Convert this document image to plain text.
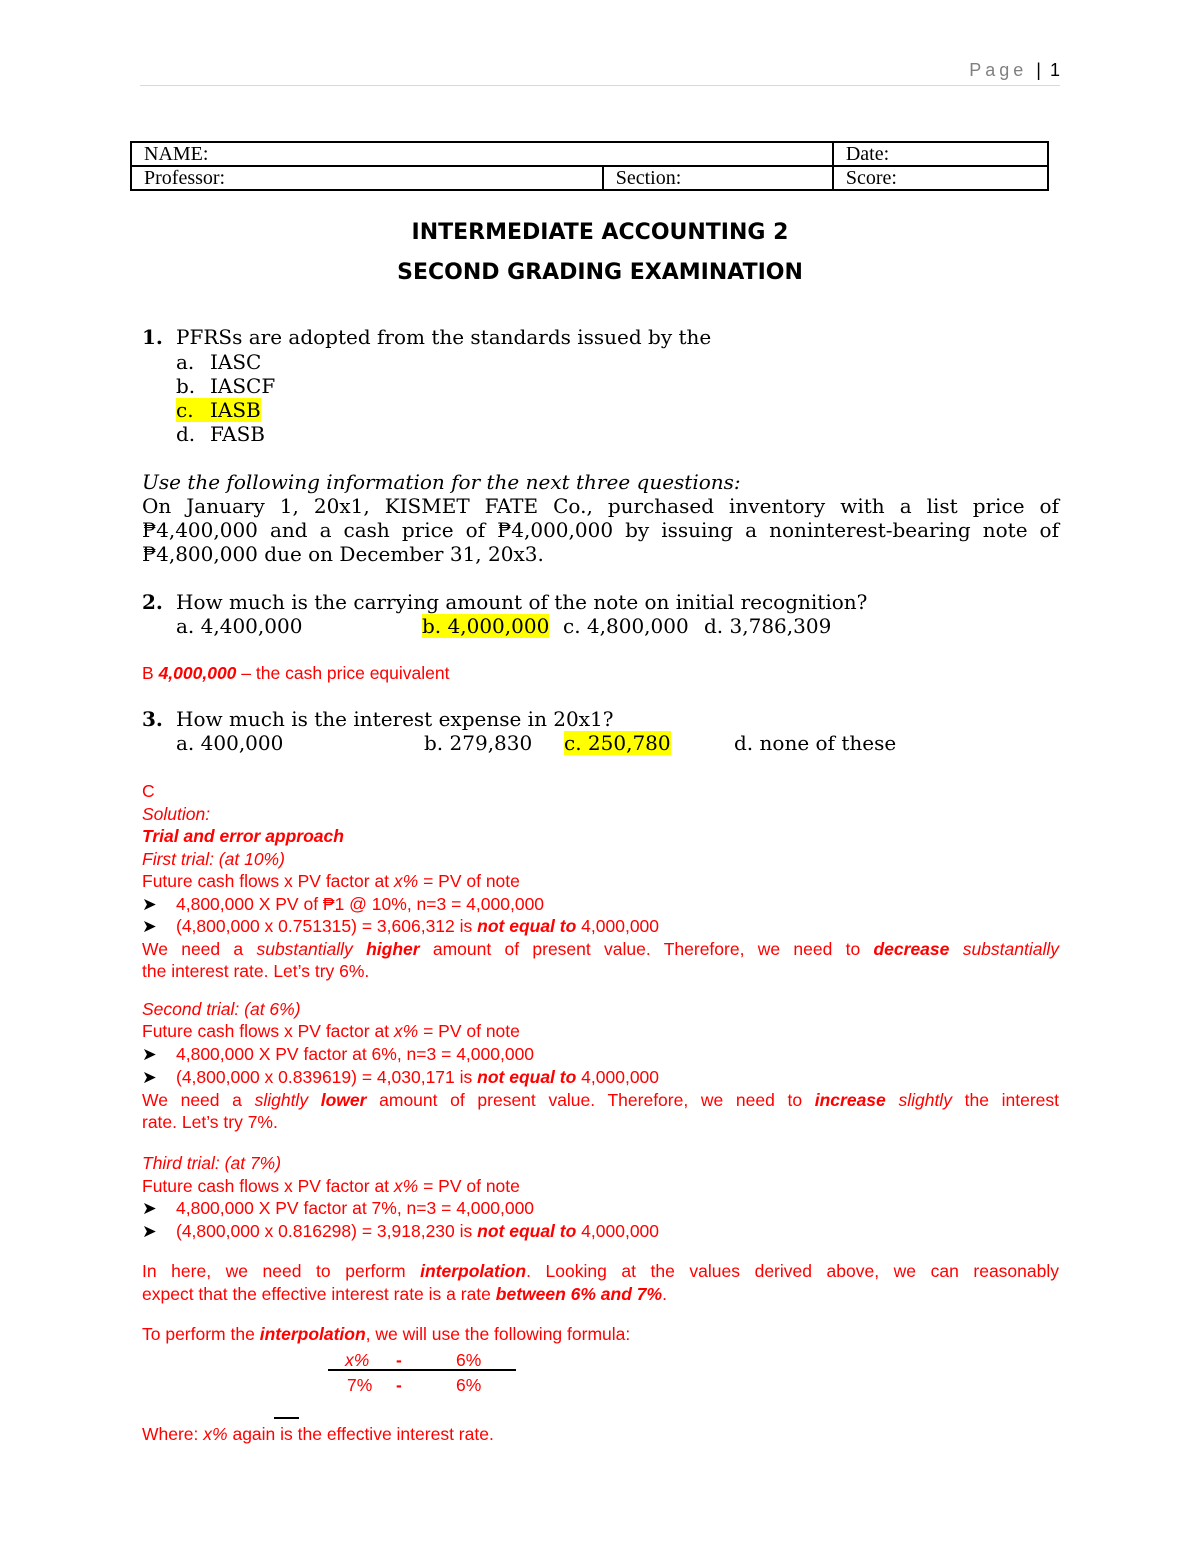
Page | 1
NAME:		Date:
Professor:	Section:	Score:
INTERMEDIATE ACCOUNTING 2
SECOND GRADING EXAMINATION
1. PFRSs are adopted from the standards issued by the
a. IASC
b. IASCF
c. IASB
d. FASB
Use the following information for the next three questions:
On January 1, 20x1, KISMET FATE Co., purchased inventory with a list price of
₱4,400,000 and a cash price of ₱4,000,000 by issuing a noninterest-bearing note of
₱4,800,000 due on December 31, 20x3.
2. How much is the carrying amount of the note on initial recognition?
a. 4,400,000	b. 4,000,000 c. 4,800,000 d. 3,786,309
B 4,000,000 – the cash price equivalent
3. How much is the interest expense in 20x1?
a. 400,000	b. 279,830 c. 250,780	d. none of these
C
Solution:
Trial and error approach
First trial: (at 10%)
Future cash flows x PV factor at x% = PV of note
➤ 4,800,000 X PV of ₱1 @ 10%, n=3 = 4,000,000
➤ (4,800,000 x 0.751315) = 3,606,312 is not equal to 4,000,000
We need a substantially higher amount of present value. Therefore, we need to decrease substantially
the interest rate. Let’s try 6%.
Second trial: (at 6%)
Future cash flows x PV factor at x% = PV of note
➤ 4,800,000 X PV factor at 6%, n=3 = 4,000,000
➤ (4,800,000 x 0.839619) = 4,030,171 is not equal to 4,000,000
We need a slightly lower amount of present value. Therefore, we need to increase slightly the interest
rate. Let’s try 7%.
Third trial: (at 7%)
Future cash flows x PV factor at x% = PV of note
➤ 4,800,000 X PV factor at 7%, n=3 = 4,000,000
➤ (4,800,000 x 0.816298) = 3,918,230 is not equal to 4,000,000
In here, we need to perform interpolation. Looking at the values derived above, we can reasonably
expect that the effective interest rate is a rate between 6% and 7%.
To perform the interpolation, we will use the following formula:
x% -	6%
7% -	6%
Where: x% again is the effective interest rate.
